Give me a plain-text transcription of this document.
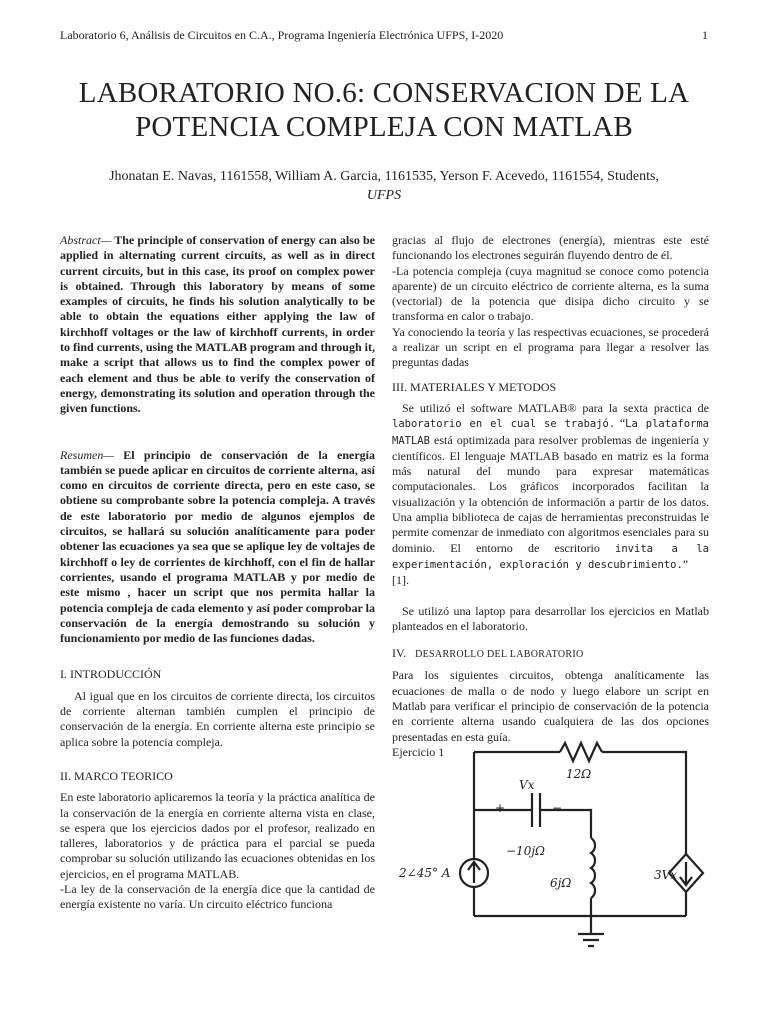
Laboratorio 6, Análisis de Circuitos en C.A., Programa Ingeniería Electrónica UFPS, I-2020	1
LABORATORIO NO.6: CONSERVACION DE LA
POTENCIA COMPLEJA CON MATLAB
Jhonatan E. Navas, 1161558, William A. Garcia, 1161535, Yerson F. Acevedo, 1161554, Students,
UFPS

Abstract— The principle of conservation of energy can also be applied in alternating current circuits, as well as in direct current circuits, but in this case, its proof on complex power is obtained. Through this laboratory by means of some examples of circuits, he finds his solution analytically to be able to obtain the equations either applying the law of kirchhoff voltages or the law of kirchhoff currents, in order to find currents, using the MATLAB program and through it, make a script that allows us to find the complex power of each element and thus be able to verify the conservation of energy, demonstrating its solution and operation through the given functions.

Resumen— El principio de conservación de la energía también se puede aplicar en circuitos de corriente alterna, así como en circuitos de corriente directa, pero en este caso, se obtiene su comprobante sobre la potencia compleja. A través de este laboratorio por medio de algunos ejemplos de circuitos, se hallará su solución analíticamente para poder obtener las ecuaciones ya sea que se aplique ley de voltajes de kirchhoff o ley de corrientes de kirchhoff, con el fin de hallar corrientes, usando el programa MATLAB y por medio de este mismo , hacer un script que nos permita hallar la potencia compleja de cada elemento y así poder comprobar la conservación de la energía demostrando su solución y funcionamiento por medio de las funciones dadas.

I. INTRODUCCIÓN

Al igual que en los circuitos de corriente directa, los circuitos de corriente alternan también cumplen el principio de conservación de la energía. En corriente alterna este principio se aplica sobre la potencia compleja.

II. MARCO TEORICO

En este laboratorio aplicaremos la teoría y la práctica analítica de la conservación de la energía en corriente alterna vista en clase, se espera que los ejercicios dados por el profesor, realizado en talleres, laboratorios y de práctica para el parcial se pueda comprobar su solución utilizando las ecuaciones obtenidas en los ejercicios, en el programa MATLAB.

-La ley de la conservación de la energía dice que la cantidad de energía existente no varía. Un circuito eléctrico funciona

gracias al flujo de electrones (energía), mientras este esté funcionando los electrones seguirán fluyendo dentro de él.

-La potencia compleja (cuya magnitud se conoce como potencia aparente) de un circuito eléctrico de corriente alterna, es la suma (vectorial) de la potencia que disipa dicho circuito y se transforma en calor o trabajo.

Ya conociendo la teoría y las respectivas ecuaciones, se procederá a realizar un script en el programa para llegar a resolver las preguntas dadas

III. MATERIALES Y METODOS

Se utilizó el software MATLAB® para la sexta practica de laboratorio en el cual se trabajó. “La plataforma MATLAB está optimizada para resolver problemas de ingeniería y científicos. El lenguaje MATLAB basado en matriz es la forma más natural del mundo para expresar matemáticas computacionales. Los gráficos incorporados facilitan la visualización y la obtención de información a partir de los datos. Una amplia biblioteca de cajas de herramientas preconstruidas le permite comenzar de inmediato con algoritmos esenciales para su dominio. El entorno de escritorio invita a la experimentación, exploración y descubrimiento.”

[1].

Se utilizó una laptop para desarrollar los ejercicios en Matlab planteados en el laboratorio.

IV. DESARROLLO DEL LABORATORIO

Para los siguientes circuitos, obtenga analíticamente las ecuaciones de malla o de nodo y luego elabore un script en Matlab para verificar el principio de conservación de la potencia en corriente alterna usando cualquiera de las dos opciones presentadas en esta guía.

Ejercicio 1

12Ω
Vx
+	−
−10jΩ
6jΩ
2∠45° A	3Vx
